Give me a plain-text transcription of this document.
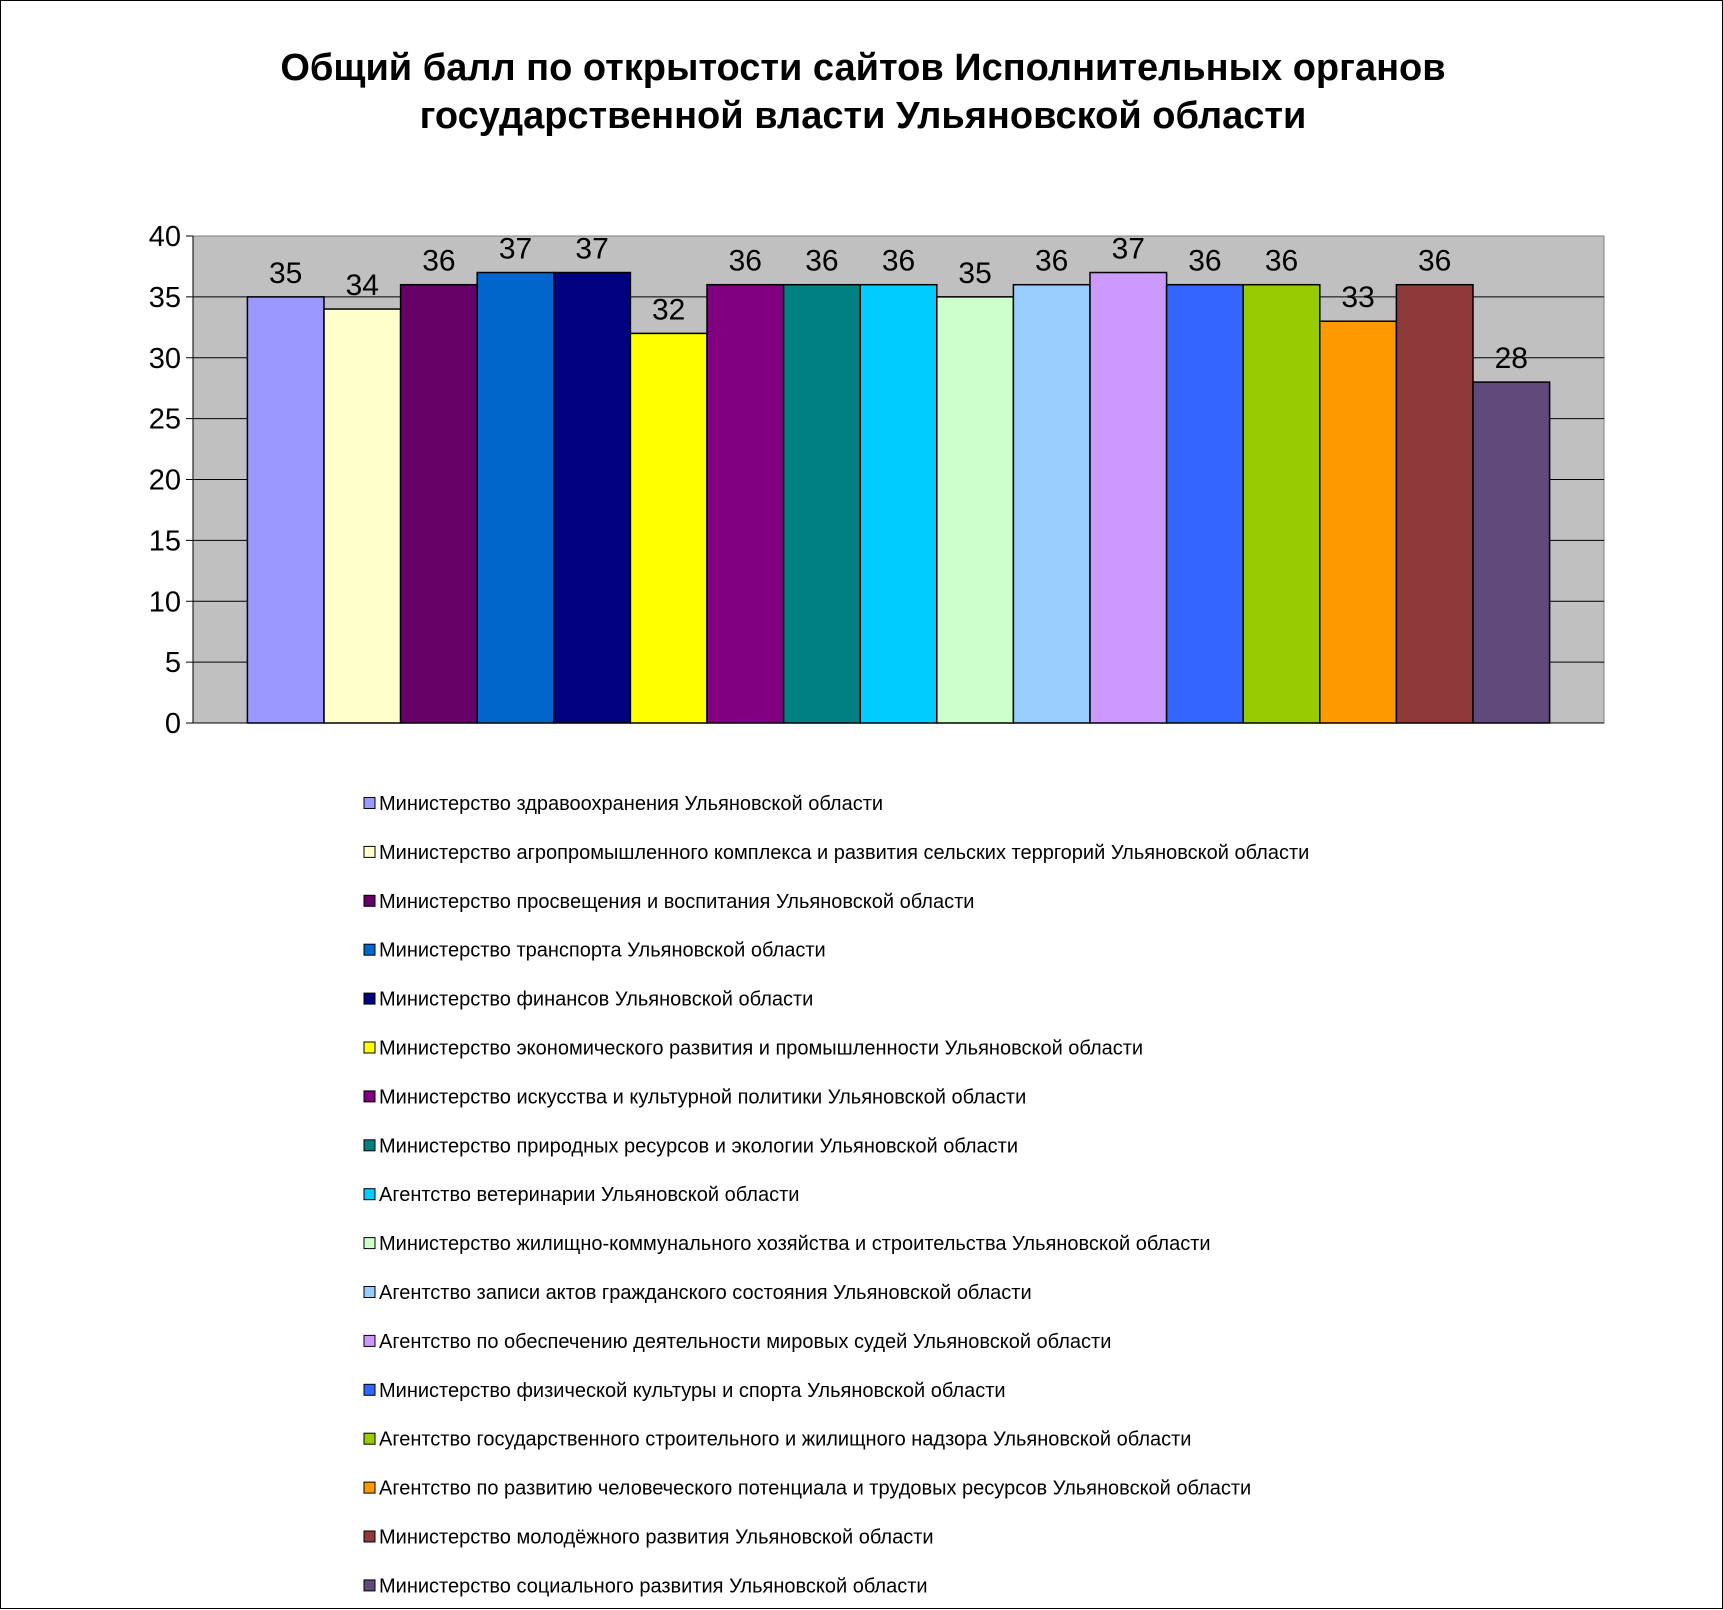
Общий балл по открытости сайтов Исполнительных органов
государственной власти Ульяновской области
0
5
10
15
20
25
30
35
40
35 34
36 37 37
32
36 36 36 35 36 37 36 36
33
36
28
Министерство здравоохранения Ульяновской области
Министерство агропромышленного комплекса и развития сельских терргорий Ульяновской области
Министерство просвещения и воспитания Ульяновской области
Министерство транспорта Ульяновской области
Министерство финансов Ульяновской области
Министерство экономического развития и промышленности Ульяновской области
Министерство искусства и культурной политики Ульяновской области
Министерство природных ресурсов и экологии Ульяновской области
Агентство ветеринарии Ульяновской области
Министерство жилищно-коммунального хозяйства и строительства Ульяновской области
Агентство записи актов гражданского состояния Ульяновской области
Агентство по обеспечению деятельности мировых судей Ульяновской области
Министерство физической культуры и спорта Ульяновской области
Агентство государственного строительного и жилищного надзора Ульяновской области
Агентство по развитию человеческого потенциала и трудовых ресурсов Ульяновской области
Министерство молодёжного развития Ульяновской области
Министерство социального развития Ульяновской области
